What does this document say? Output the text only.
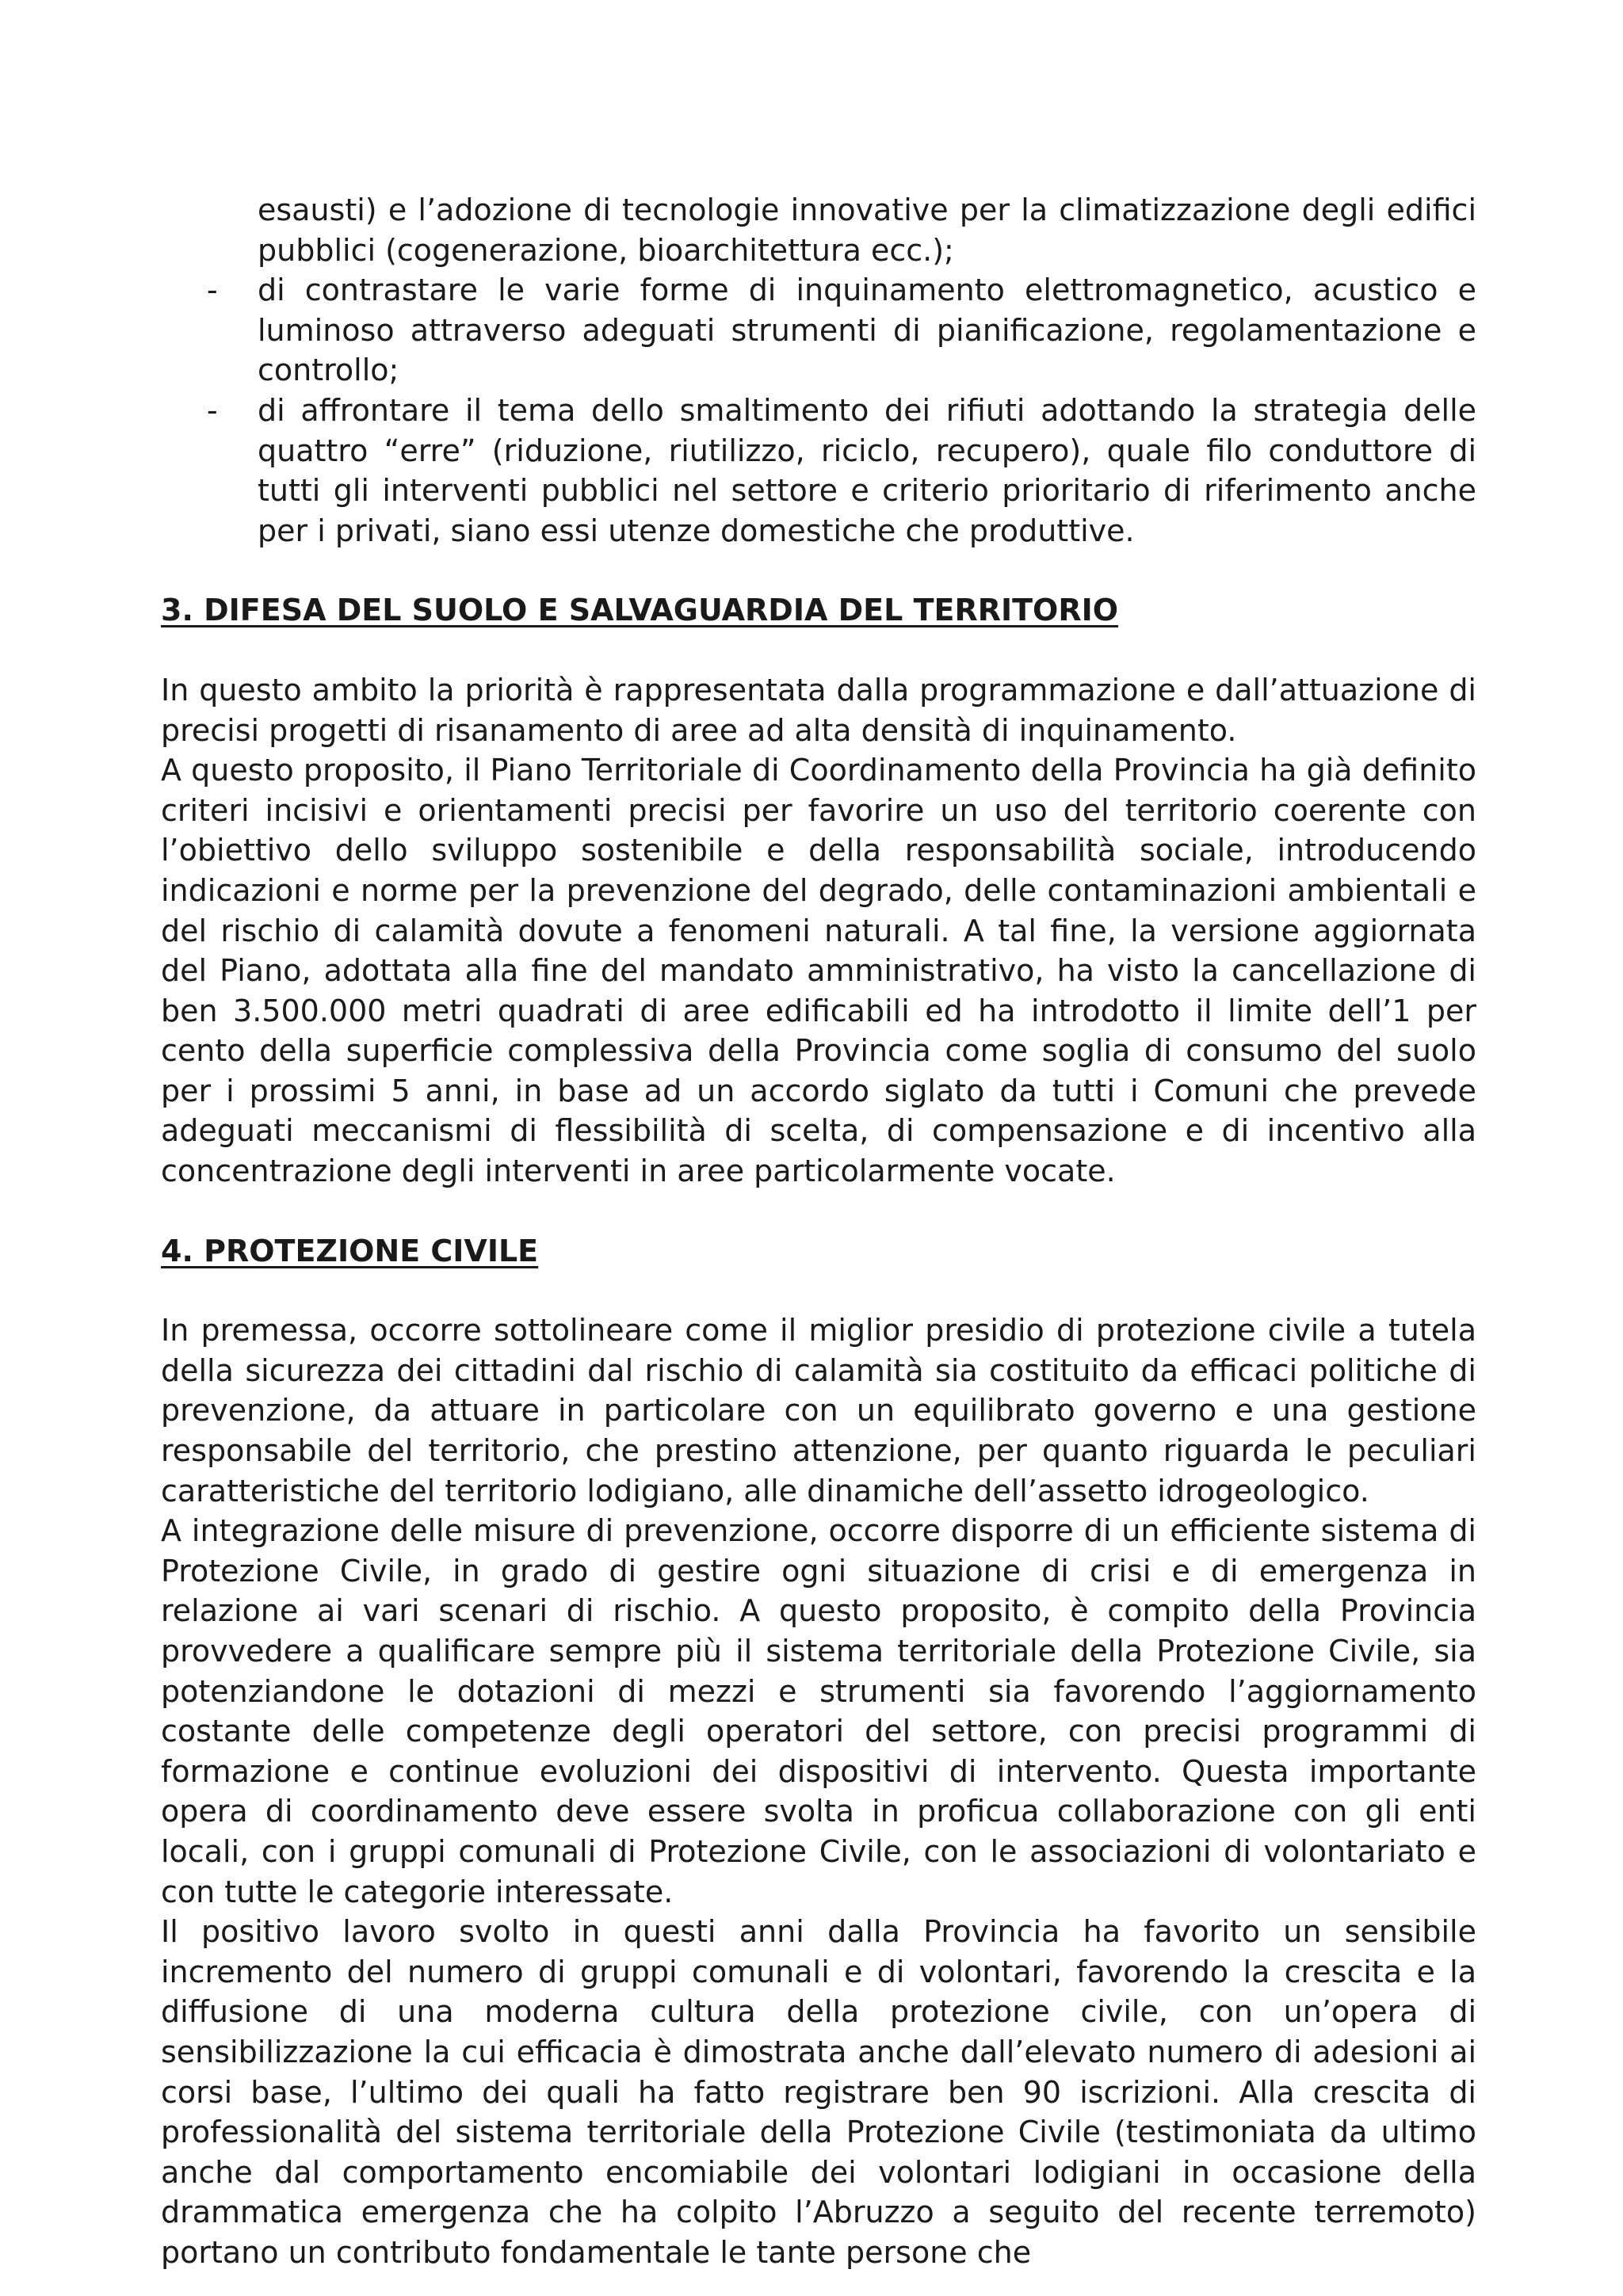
esausti) e l’adozione di tecnologie innovative per la climatizzazione degli edifici pubblici (cogenerazione, bioarchitettura ecc.);

- di contrastare le varie forme di inquinamento elettromagnetico, acustico e luminoso attraverso adeguati strumenti di pianificazione, regolamentazione e controllo;
- di affrontare il tema dello smaltimento dei rifiuti adottando la strategia delle quattro “erre” (riduzione, riutilizzo, riciclo, recupero), quale filo conduttore di tutti gli interventi pubblici nel settore e criterio prioritario di riferimento anche per i privati, siano essi utenze domestiche che produttive.

3. DIFESA DEL SUOLO E SALVAGUARDIA DEL TERRITORIO

In questo ambito la priorità è rappresentata dalla programmazione e dall’attuazione di precisi progetti di risanamento di aree ad alta densità di inquinamento.

A questo proposito, il Piano Territoriale di Coordinamento della Provincia ha già definito criteri incisivi e orientamenti precisi per favorire un uso del territorio coerente con l’obiettivo dello sviluppo sostenibile e della responsabilità sociale, introducendo indicazioni e norme per la prevenzione del degrado, delle contaminazioni ambientali e del rischio di calamità dovute a fenomeni naturali. A tal fine, la versione aggiornata del Piano, adottata alla fine del mandato amministrativo, ha visto la cancellazione di ben 3.500.000 metri quadrati di aree edificabili ed ha introdotto il limite dell’1 per cento della superficie complessiva della Provincia come soglia di consumo del suolo per i prossimi 5 anni, in base ad un accordo siglato da tutti i Comuni che prevede adeguati meccanismi di flessibilità di scelta, di compensazione e di incentivo alla concentrazione degli interventi in aree particolarmente vocate.

4. PROTEZIONE CIVILE

In premessa, occorre sottolineare come il miglior presidio di protezione civile a tutela della sicurezza dei cittadini dal rischio di calamità sia costituito da efficaci politiche di prevenzione, da attuare in particolare con un equilibrato governo e una gestione responsabile del territorio, che prestino attenzione, per quanto riguarda le peculiari caratteristiche del territorio lodigiano, alle dinamiche dell’assetto idrogeologico.

A integrazione delle misure di prevenzione, occorre disporre di un efficiente sistema di Protezione Civile, in grado di gestire ogni situazione di crisi e di emergenza in relazione ai vari scenari di rischio. A questo proposito, è compito della Provincia provvedere a qualificare sempre più il sistema territoriale della Protezione Civile, sia potenziandone le dotazioni di mezzi e strumenti sia favorendo l’aggiornamento costante delle competenze degli operatori del settore, con precisi programmi di formazione e continue evoluzioni dei dispositivi di intervento. Questa importante opera di coordinamento deve essere svolta in proficua collaborazione con gli enti locali, con i gruppi comunali di Protezione Civile, con le associazioni di volontariato e con tutte le categorie interessate.

Il positivo lavoro svolto in questi anni dalla Provincia ha favorito un sensibile incremento del numero di gruppi comunali e di volontari, favorendo la crescita e la diffusione di una moderna cultura della protezione civile, con un’opera di sensibilizzazione la cui efficacia è dimostrata anche dall’elevato numero di adesioni ai corsi base, l’ultimo dei quali ha fatto registrare ben 90 iscrizioni. Alla crescita di professionalità del sistema territoriale della Protezione Civile (testimoniata da ultimo anche dal comportamento encomiabile dei volontari lodigiani in occasione della drammatica emergenza che ha colpito l’Abruzzo a seguito del recente terremoto) portano un contributo fondamentale le tante persone che
